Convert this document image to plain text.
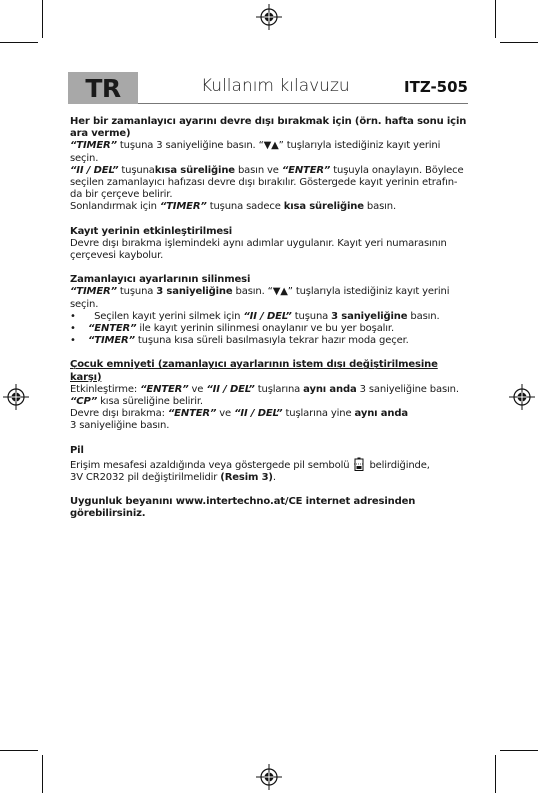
TR	Kullanım kılavuzu	ITZ-505

Her bir zamanlayıcı ayarını devre dışı bırakmak için (örn. hafta sonu için

ara verme)

“TIMER” tuşuna 3 saniyeliğine basın. “▼▲” tuşlarıyla istediğiniz kayıt yerini

seçin.

“II / DEL” tuşunakısa süreliğine basın ve “ENTER” tuşuyla onaylayın. Böylece

seçilen zamanlayıcı hafızası devre dışı bırakılır. Göstergede kayıt yerinin etrafın-

da bir çerçeve belirir.

Sonlandırmak için “TIMER” tuşuna sadece kısa süreliğine basın.

Kayıt yerinin etkinleştirilmesi

Devre dışı bırakma işlemindeki aynı adımlar uygulanır. Kayıt yeri numarasının

çerçevesi kaybolur.

Zamanlayıcı ayarlarının silinmesi

“TIMER” tuşuna 3 saniyeliğine basın. “▼▲” tuşlarıyla istediğiniz kayıt yerini

seçin.

• Seçilen kayıt yerini silmek için “II / DEL” tuşuna 3 saniyeliğine basın.

• “ENTER” ile kayıt yerinin silinmesi onaylanır ve bu yer boşalır.

• “TIMER” tuşuna kısa süreli basılmasıyla tekrar hazır moda geçer.

Çocuk emniyeti (zamanlayıcı ayarlarının istem dışı değiştirilmesine karşı)

Etkinleştirme: “ENTER” ve “II / DEL” tuşlarına aynı anda 3 saniyeliğine basın.

“CP” kısa süreliğine belirir.

Devre dışı bırakma: “ENTER” ve “II / DEL” tuşlarına yine aynı anda

3 saniyeliğine basın.

Pil

Erişim mesafesi azaldığında veya göstergede pil sembolü  belirdiğinde,

3V CR2032 pil değiştirilmelidir (Resim 3).

Uygunluk beyanını www.intertechno.at/CE internet adresinden

görebilirsiniz.
